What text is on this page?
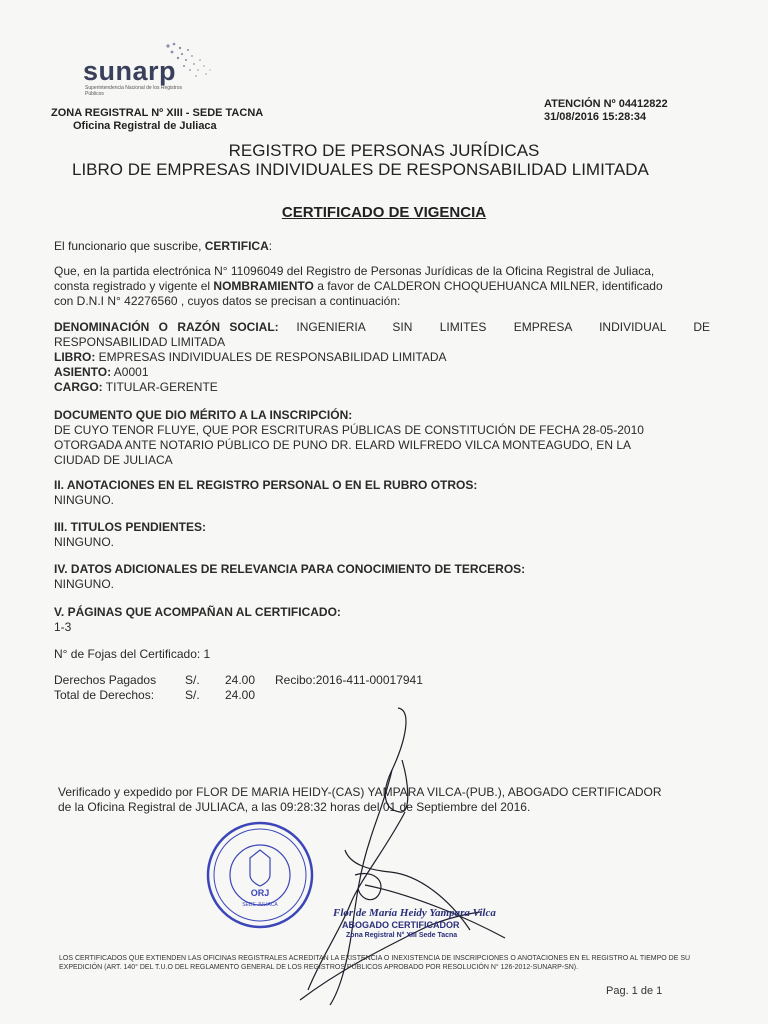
sunarp
Superintendencia Nacional de los Registros Públicos
ZONA REGISTRAL Nº XIII - SEDE TACNA
Oficina Registral de Juliaca
ATENCIÓN Nº 04412822
31/08/2016 15:28:34
REGISTRO DE PERSONAS JURÍDICAS
LIBRO DE EMPRESAS INDIVIDUALES DE RESPONSABILIDAD LIMITADA
CERTIFICADO DE VIGENCIA
El funcionario que suscribe, CERTIFICA:
Que, en la partida electrónica N° 11096049 del Registro de Personas Jurídicas de la Oficina Registral de Juliaca,
consta registrado y vigente el NOMBRAMIENTO a favor de CALDERON CHOQUEHUANCA MILNER, identificado
con D.N.I N° 42276560 , cuyos datos se precisan a continuación:
DENOMINACIÓN O RAZÓN SOCIAL: INGENIERIA SIN LIMITES EMPRESA INDIVIDUAL DE
RESPONSABILIDAD LIMITADA
LIBRO: EMPRESAS INDIVIDUALES DE RESPONSABILIDAD LIMITADA
ASIENTO: A0001
CARGO: TITULAR-GERENTE
DOCUMENTO QUE DIO MÉRITO A LA INSCRIPCIÓN:
DE CUYO TENOR FLUYE, QUE POR ESCRITURAS PÚBLICAS DE CONSTITUCIÓN DE FECHA 28-05-2010
OTORGADA ANTE NOTARIO PÚBLICO DE PUNO DR. ELARD WILFREDO VILCA MONTEAGUDO, EN LA
CIUDAD DE JULIACA
II. ANOTACIONES EN EL REGISTRO PERSONAL O EN EL RUBRO OTROS:
NINGUNO.
III. TITULOS PENDIENTES:
NINGUNO.
IV. DATOS ADICIONALES DE RELEVANCIA PARA CONOCIMIENTO DE TERCEROS:
NINGUNO.
V. PÁGINAS QUE ACOMPAÑAN AL CERTIFICADO:
1-3
N° de Fojas del Certificado: 1
Derechos Pagados	S/.	24.00	Recibo:	2016-411-00017941
Total de Derechos:	S/.	24.00		
Verificado y expedido por FLOR DE MARIA HEIDY-(CAS) YAMPARA VILCA-(PUB.), ABOGADO CERTIFICADOR
de la Oficina Registral de JULIACA, a las 09:28:32 horas del 01 de Septiembre del 2016.
ORJ
SEDE JULIACA
Flor de María Heidy Yampara Vilca
ABOGADO CERTIFICADOR
Zona Registral N° XIII Sede Tacna
LOS CERTIFICADOS QUE EXTIENDEN LAS OFICINAS REGISTRALES ACREDITAN LA EXISTENCIA O INEXISTENCIA DE INSCRIPCIONES O ANOTACIONES EN EL REGISTRO AL TIEMPO DE SU EXPEDICIÓN (ART. 140° DEL T.U.O DEL REGLAMENTO GENERAL DE LOS REGISTROS PÚBLICOS APROBADO POR RESOLUCIÓN N° 126-2012-SUNARP-SN).
Pag. 1 de 1
